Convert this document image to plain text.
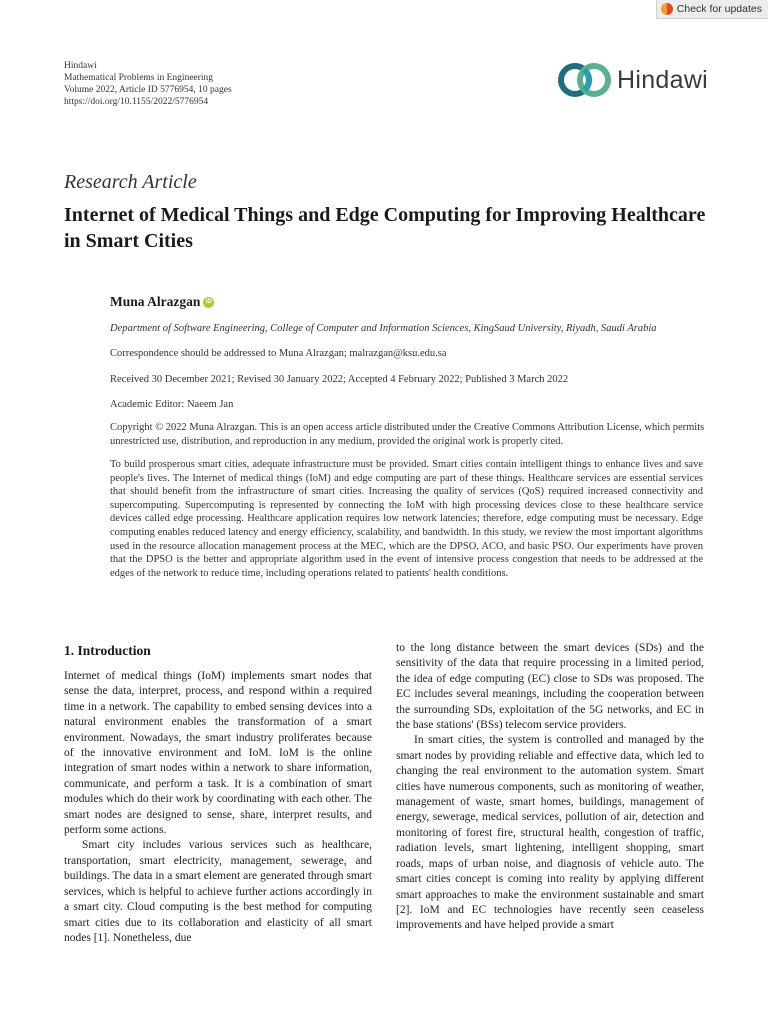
Check for updates
Hindawi
Mathematical Problems in Engineering
Volume 2022, Article ID 5776954, 10 pages
https://doi.org/10.1155/2022/5776954
Hindawi
Research Article
Internet of Medical Things and Edge Computing for Improving Healthcare in Smart Cities
Muna Alrazgan iD
Department of Software Engineering, College of Computer and Information Sciences, KingSaud University, Riyadh, Saudi Arabia
Correspondence should be addressed to Muna Alrazgan; malrazgan@ksu.edu.sa
Received 30 December 2021; Revised 30 January 2022; Accepted 4 February 2022; Published 3 March 2022
Academic Editor: Naeem Jan
Copyright © 2022 Muna Alrazgan. This is an open access article distributed under the Creative Commons Attribution License, which permits unrestricted use, distribution, and reproduction in any medium, provided the original work is properly cited.
To build prosperous smart cities, adequate infrastructure must be provided. Smart cities contain intelligent things to enhance lives and save people's lives. The Internet of medical things (IoM) and edge computing are part of these things. Healthcare services are essential services that should benefit from the infrastructure of smart cities. Increasing the quality of services (QoS) required increased connectivity and supercomputing. Supercomputing is represented by connecting the IoM with high processing devices close to these healthcare service devices called edge processing. Healthcare application requires low network latencies; therefore, edge computing must be necessary. Edge computing enables reduced latency and energy efficiency, scalability, and bandwidth. In this study, we review the most important algorithms used in the resource allocation management process at the MEC, which are the DPSO, ACO, and basic PSO. Our experiments have proven that the DPSO is the better and appropriate algorithm used in the event of intensive process congestion that needs to be addressed at the edges of the network to reduce time, including operations related to patients' health conditions.
1. Introduction

Internet of medical things (IoM) implements smart nodes that sense the data, interpret, process, and respond within a required time in a network. The capability to embed sensing devices into a natural environment enables the transformation of a smart environment. Nowadays, the smart industry proliferates because of the innovative environment and IoM. IoM is the online integration of smart nodes within a network to share information, communicate, and perform a task. It is a combination of smart modules which do their work by coordinating with each other. The smart nodes are designed to sense, share, interpret results, and perform some actions.

Smart city includes various services such as healthcare, transportation, smart electricity, management, sewerage, and buildings. The data in a smart element are generated through smart services, which is helpful to achieve further actions accordingly in a smart city. Cloud computing is the best method for computing smart cities due to its collaboration and elasticity of all smart nodes [1]. Nonetheless, due

to the long distance between the smart devices (SDs) and the sensitivity of the data that require processing in a limited period, the idea of edge computing (EC) close to SDs was proposed. The EC includes several meanings, including the cooperation between the surrounding SDs, exploitation of the 5G networks, and EC in the base stations' (BSs) telecom service providers.

In smart cities, the system is controlled and managed by the smart nodes by providing reliable and effective data, which led to changing the real environment to the automation system. Smart cities have numerous components, such as monitoring of weather, management of waste, smart homes, buildings, management of energy, sewerage, medical services, pollution of air, detection and monitoring of forest fire, structural health, congestion of traffic, radiation levels, smart lightening, intelligent shopping, smart roads, maps of urban noise, and diagnosis of vehicle auto. The smart cities concept is coming into reality by applying different smart approaches to make the environment sustainable and smart [2]. IoM and EC technologies have recently seen ceaseless improvements and have helped provide a smart
